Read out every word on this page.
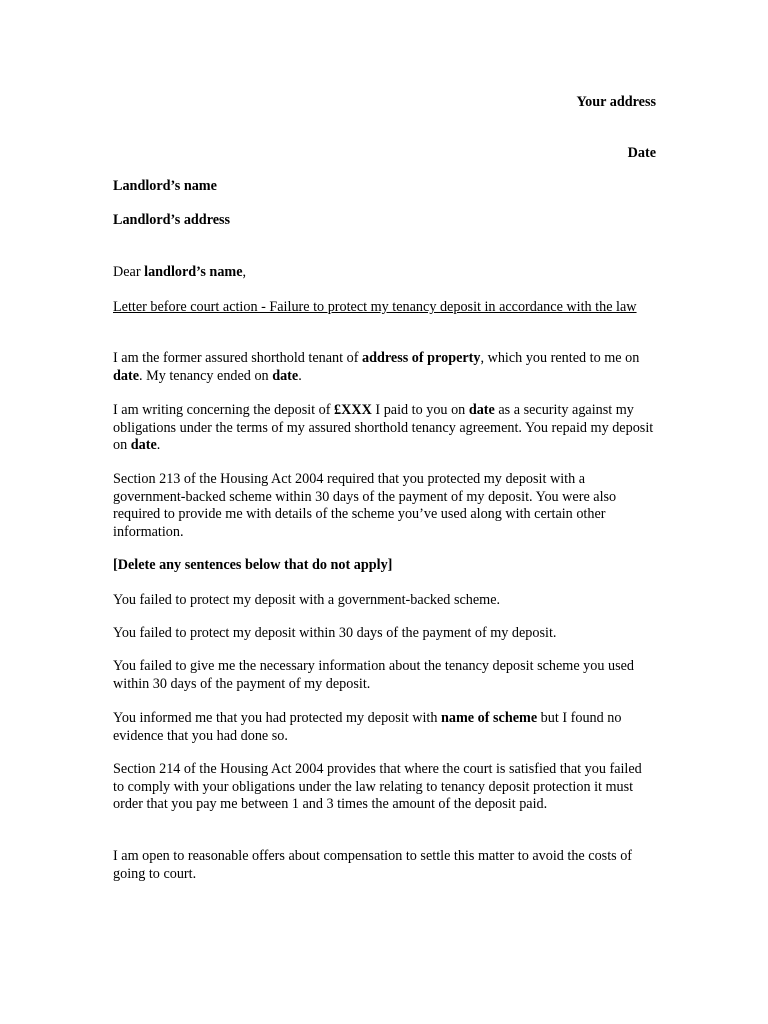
Your address
Date
Landlord’s name
Landlord’s address
Dear landlord’s name,
Letter before court action - Failure to protect my tenancy deposit in accordance with the law
I am the former assured shorthold tenant of address of property, which you rented to me on date. My tenancy ended on date.
I am writing concerning the deposit of £XXX I paid to you on date as a security against my obligations under the terms of my assured shorthold tenancy agreement. You repaid my deposit on date.
Section 213 of the Housing Act 2004 required that you protected my deposit with a government-backed scheme within 30 days of the payment of my deposit. You were also required to provide me with details of the scheme you’ve used along with certain other information.
[Delete any sentences below that do not apply]
You failed to protect my deposit with a government-backed scheme.
You failed to protect my deposit within 30 days of the payment of my deposit.
You failed to give me the necessary information about the tenancy deposit scheme you used within 30 days of the payment of my deposit.
You informed me that you had protected my deposit with name of scheme but I found no evidence that you had done so.
Section 214 of the Housing Act 2004 provides that where the court is satisfied that you failed to comply with your obligations under the law relating to tenancy deposit protection it must order that you pay me between 1 and 3 times the amount of the deposit paid.
I am open to reasonable offers about compensation to settle this matter to avoid the costs of going to court.
